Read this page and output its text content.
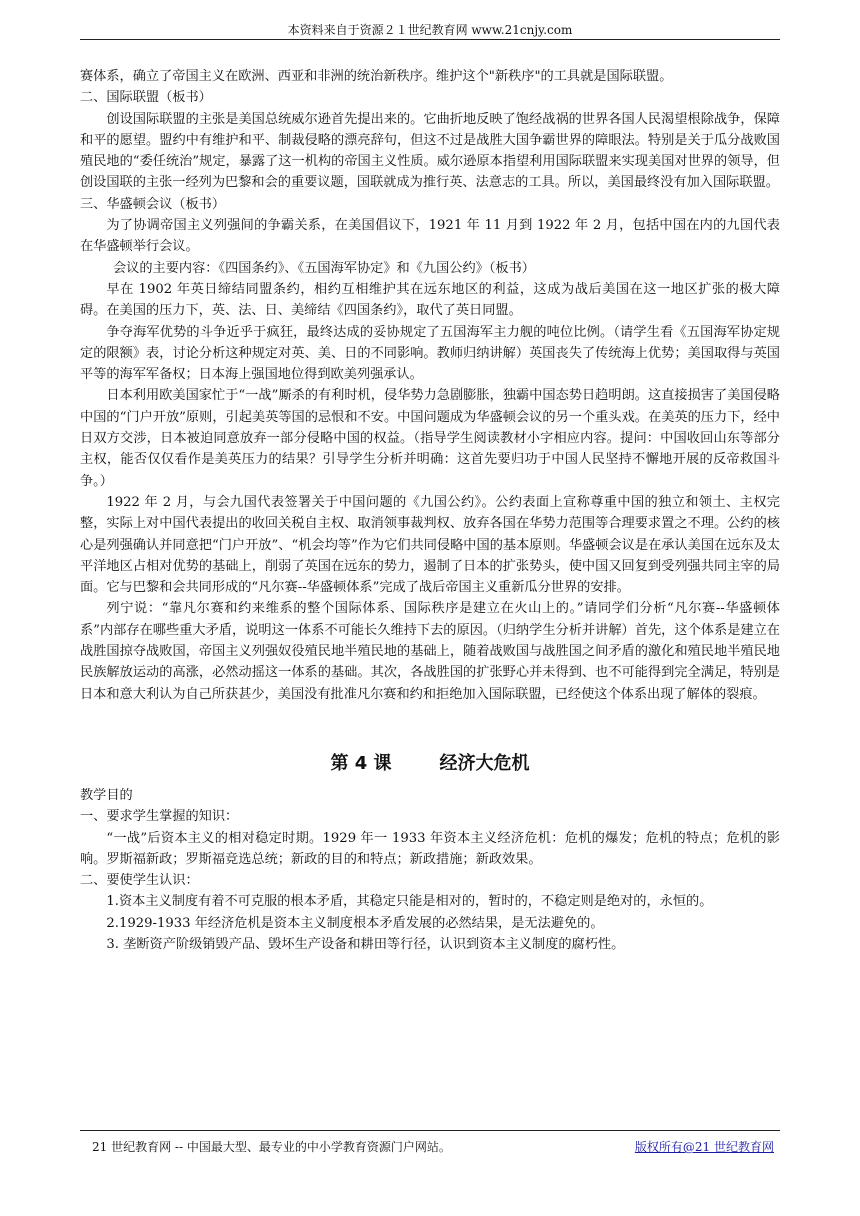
本资料来自于资源２１世纪教育网 www.21cnjy.com

赛体系，确立了帝国主义在欧洲、西亚和非洲的统治新秩序。维护这个"新秩序"的工具就是国际联盟。

二、国际联盟（板书）

创设国际联盟的主张是美国总统威尔逊首先提出来的。它曲折地反映了饱经战祸的世界各国人民渴望根除战争，保障和平的愿望。盟约中有维护和平、制裁侵略的漂亮辞句，但这不过是战胜大国争霸世界的障眼法。特别是关于瓜分战败国殖民地的“委任统治”规定，暴露了这一机构的帝国主义性质。威尔逊原本指望利用国际联盟来实现美国对世界的领导，但创设国联的主张一经列为巴黎和会的重要议题，国联就成为推行英、法意志的工具。所以，美国最终没有加入国际联盟。

三、华盛顿会议（板书）

为了协调帝国主义列强间的争霸关系，在美国倡议下，1921 年 11 月到 1922 年 2 月，包括中国在内的九国代表在华盛顿举行会议。

会议的主要内容：《四国条约》、《五国海军协定》和《九国公约》（板书）

早在 1902 年英日缔结同盟条约，相约互相维护其在远东地区的利益，这成为战后美国在这一地区扩张的极大障碍。在美国的压力下，英、法、日、美缔结《四国条约》，取代了英日同盟。

争夺海军优势的斗争近乎于疯狂，最终达成的妥协规定了五国海军主力舰的吨位比例。（请学生看《五国海军协定规定的限额》表，讨论分析这种规定对英、美、日的不同影响。教师归纳讲解）英国丧失了传统海上优势；美国取得与英国平等的海军军备权；日本海上强国地位得到欧美列强承认。

日本利用欧美国家忙于“一战”厮杀的有利时机，侵华势力急剧膨胀，独霸中国态势日趋明朗。这直接损害了美国侵略中国的“门户开放”原则，引起美英等国的忌恨和不安。中国问题成为华盛顿会议的另一个重头戏。在美英的压力下，经中日双方交涉，日本被迫同意放弃一部分侵略中国的权益。（指导学生阅读教材小字相应内容。提问：中国收回山东等部分主权，能否仅仅看作是美英压力的结果？引导学生分析并明确：这首先要归功于中国人民坚持不懈地开展的反帝救国斗争。）

1922 年 2 月，与会九国代表签署关于中国问题的《九国公约》。公约表面上宣称尊重中国的独立和领土、主权完整，实际上对中国代表提出的收回关税自主权、取消领事裁判权、放弃各国在华势力范围等合理要求置之不理。公约的核心是列强确认并同意把“门户开放”、“机会均等”作为它们共同侵略中国的基本原则。华盛顿会议是在承认美国在远东及太平洋地区占相对优势的基础上，削弱了英国在远东的势力，遏制了日本的扩张势头，使中国又回复到受列强共同主宰的局面。它与巴黎和会共同形成的“凡尔赛--华盛顿体系”完成了战后帝国主义重新瓜分世界的安排。

列宁说：“靠凡尔赛和约来维系的整个国际体系、国际秩序是建立在火山上的。”请同学们分析“凡尔赛--华盛顿体系”内部存在哪些重大矛盾，说明这一体系不可能长久维持下去的原因。（归纳学生分析并讲解）首先，这个体系是建立在战胜国掠夺战败国，帝国主义列强奴役殖民地半殖民地的基础上，随着战败国与战胜国之间矛盾的激化和殖民地半殖民地民族解放运动的高涨，必然动摇这一体系的基础。其次，各战胜国的扩张野心并未得到、也不可能得到完全满足，特别是日本和意大利认为自己所获甚少，美国没有批准凡尔赛和约和拒绝加入国际联盟，已经使这个体系出现了解体的裂痕。

第 4 课	经济大危机

教学目的

一、要求学生掌握的知识：

“一战”后资本主义的相对稳定时期。1929 年一 1933 年资本主义经济危机：危机的爆发；危机的特点；危机的影响。罗斯福新政；罗斯福竞选总统；新政的目的和特点；新政措施；新政效果。

二、要使学生认识：

1.资本主义制度有着不可克服的根本矛盾，其稳定只能是相对的，暂时的，不稳定则是绝对的，永恒的。

2.1929-1933 年经济危机是资本主义制度根本矛盾发展的必然结果，是无法避免的。

3. 垄断资产阶级销毁产品、毁坏生产设备和耕田等行径，认识到资本主义制度的腐朽性。

21 世纪教育网 -- 中国最大型、最专业的中小学教育资源门户网站。	版权所有@21 世纪教育网
